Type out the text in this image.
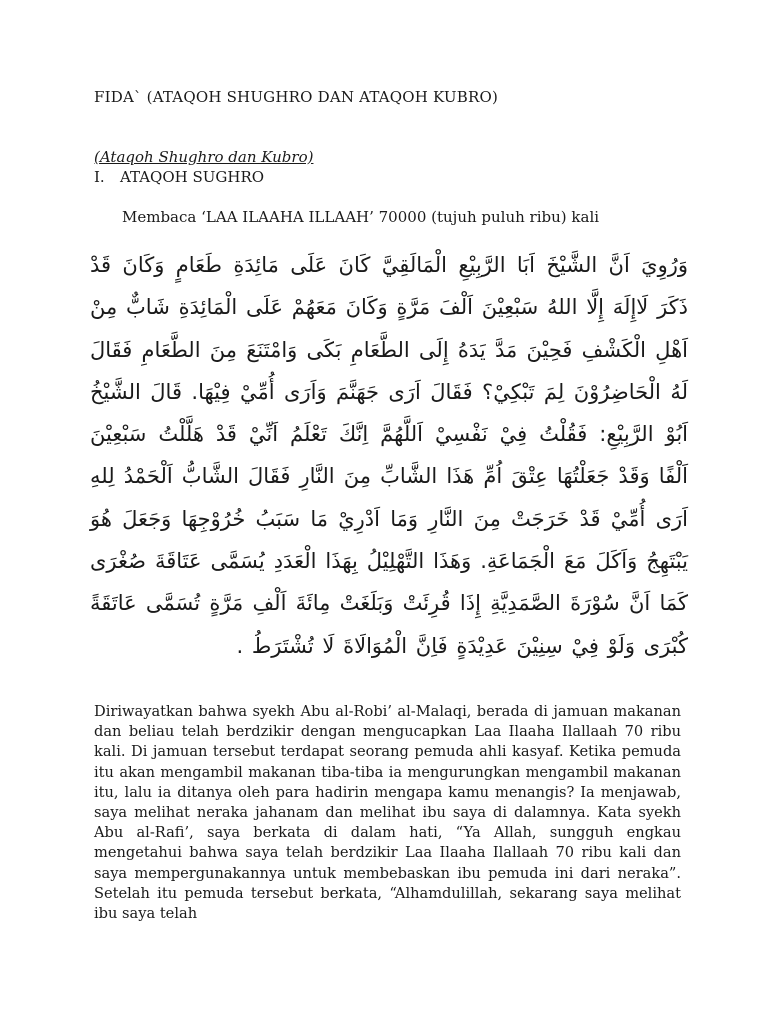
FIDA` (ATAQOH SHUGHRO DAN ATAQOH KUBRO)
(Ataqoh Shughro dan Kubro)
I.	ATAQOH SUGHRO
Membaca ‘LAA ILAAHA ILLAAH’ 70000 (tujuh puluh ribu) kali
وَرُوِيَ اَنَّ الشَّيْخَ اَبَا الرَّبِيْعِ الْمَالَقِيَّ كَانَ عَلَى مَائِدَةِ طَعَامٍ وَكَانَ قَدْ ذَكَرَ لَاإِلَهَ إِلَّا اللهُ سَبْعِيْنَ اَلْفَ مَرَّةٍ وَكَانَ مَعَهُمْ عَلَى الْمَائِدَةِ شَابٌّ مِنْ اَهْلِ الْكَشْفِ فَحِيْنَ مَدَّ يَدَهُ إِلَى الطَّعَامِ بَكَى وَامْتَنَعَ مِنَ الطَّعَامِ فَقَالَ لَهُ الْحَاضِرُوْنَ لِمَ تَبْكِيْ؟ فَقَالَ اَرَى جَهَنَّمَ وَاَرَى أُمِّيْ فِيْهَا. قَالَ الشَّيْخُ اَبُوْ الرَّبِيْعِ: فَقُلْتُ فِيْ نَفْسِيْ اَللَّهُمَّ اِنَّكَ تَعْلَمُ اَنِّيْ قَدْ هَلَّلْتُ سَبْعِيْنَ اَلْفًا وَقَدْ جَعَلْتُهَا عِتْقَ اُمِّ هَذَا الشَّابِّ مِنَ النَّارِ فَقَالَ الشَّابُّ اَلْحَمْدُ لِلهِ اَرَى أُمِّيْ قَدْ خَرَجَتْ مِنَ النَّارِ وَمَا اَدْرِيْ مَا سَبَبُ خُرُوْجِهَا وَجَعَلَ هُوَ يَبْتَهِجُ وَاَكَلَ مَعَ الْجَمَاعَةِ. وَهَذَا التَّهْلِيْلُ بِهَذَا الْعَدَدِ يُسَمَّى عَتَاقَةَ صُغْرَى كَمَا اَنَّ سُوْرَةَ الصَّمَدِيَّةِ إِذَا قُرِئَتْ وَبَلَغَتْ مِائَةَ اَلْفِ مَرَّةٍ تُسَمَّى عَاتَقَةً كُبْرَى وَلَوْ فِيْ سِنِيْنَ عَدِيْدَةٍ فَاِنَّ الْمُوَالَاةَ لَا تُشْتَرَطُ .
Diriwayatkan bahwa syekh Abu al-Robi’ al-Malaqi, berada di jamuan makanan dan beliau telah berdzikir dengan mengucapkan Laa Ilaaha Ilallaah 70 ribu kali. Di jamuan tersebut terdapat seorang pemuda ahli kasyaf. Ketika pemuda itu akan mengambil makanan tiba-tiba ia mengurungkan mengambil makanan itu, lalu ia ditanya oleh para hadirin mengapa kamu menangis? Ia menjawab, saya melihat neraka jahanam dan melihat ibu saya di dalamnya. Kata syekh Abu al-Rafi’, saya berkata di dalam hati, “Ya Allah, sungguh engkau mengetahui bahwa saya telah berdzikir Laa Ilaaha Ilallaah 70 ribu kali dan saya mempergunakannya untuk membebaskan ibu pemuda ini dari neraka”. Setelah itu pemuda tersebut berkata, “Alhamdulillah, sekarang saya melihat ibu saya telah
